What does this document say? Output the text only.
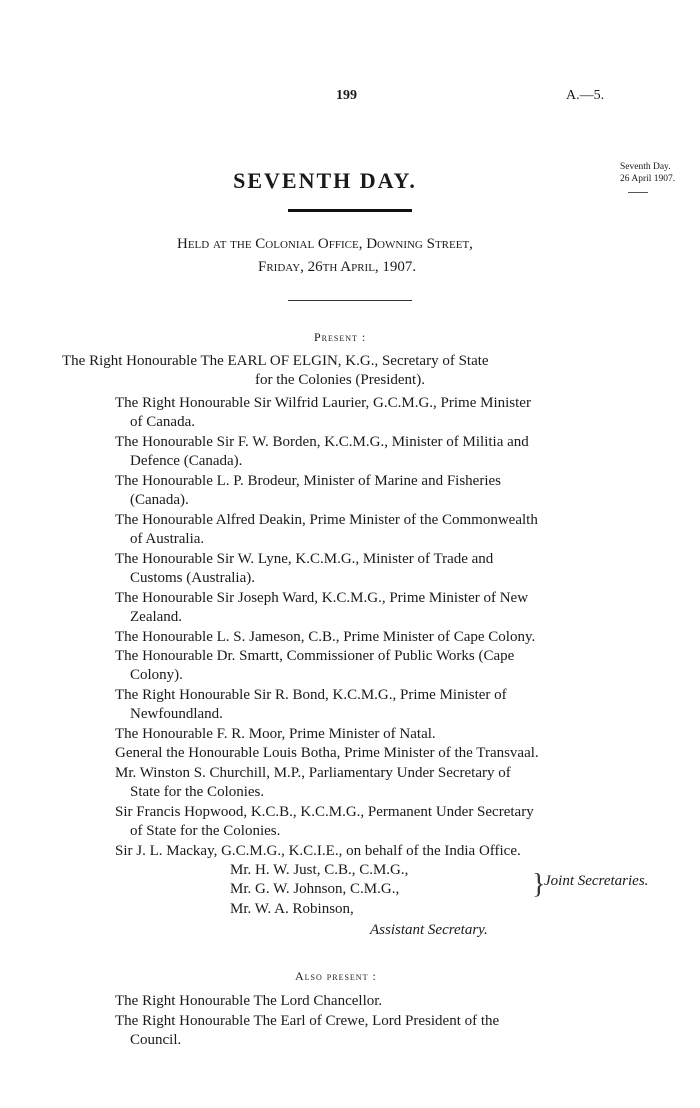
199	A.—5.
SEVENTH DAY.
Seventh Day.
26 April 1907.
Held at the Colonial Office, Downing Street,
Friday, 26th April, 1907.
Present :
The Right Honourable The EARL OF ELGIN, K.G., Secretary of State
for the Colonies (President).
The Right Honourable Sir Wilfrid Laurier, G.C.M.G., Prime Minister
of Canada.
The Honourable Sir F. W. Borden, K.C.M.G., Minister of Militia and
Defence (Canada).
The Honourable L. P. Brodeur, Minister of Marine and Fisheries
(Canada).
The Honourable Alfred Deakin, Prime Minister of the Commonwealth
of Australia.
The Honourable Sir W. Lyne, K.C.M.G., Minister of Trade and
Customs (Australia).
The Honourable Sir Joseph Ward, K.C.M.G., Prime Minister of New
Zealand.
The Honourable L. S. Jameson, C.B., Prime Minister of Cape Colony.
The Honourable Dr. Smartt, Commissioner of Public Works (Cape
Colony).
The Right Honourable Sir R. Bond, K.C.M.G., Prime Minister of
Newfoundland.
The Honourable F. R. Moor, Prime Minister of Natal.
General the Honourable Louis Botha, Prime Minister of the Transvaal.
Mr. Winston S. Churchill, M.P., Parliamentary Under Secretary of
State for the Colonies.
Sir Francis Hopwood, K.C.B., K.C.M.G., Permanent Under Secretary
of State for the Colonies.
Sir J. L. Mackay, G.C.M.G., K.C.I.E., on behalf of the India Office.
Mr. H. W. Just, C.B., C.M.G.,
Mr. G. W. Johnson, C.M.G.,
Mr. W. A. Robinson,
}
Joint Secretaries.
Assistant Secretary.
Also present :
The Right Honourable The Lord Chancellor.
The Right Honourable The Earl of Crewe, Lord President of the
Council.
